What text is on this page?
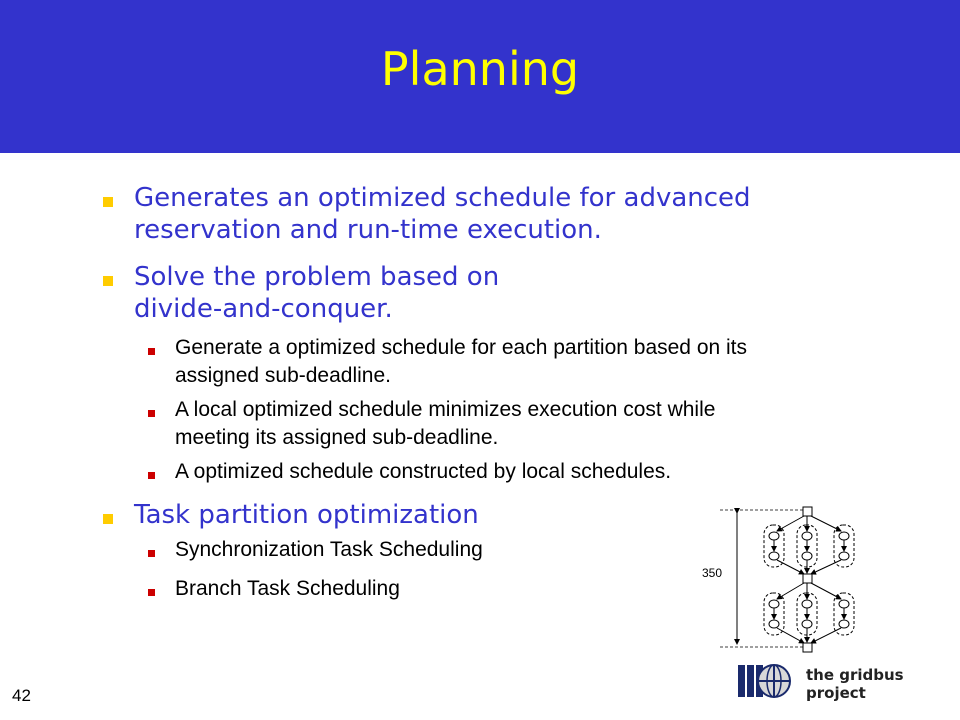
Planning
Generates an optimized schedule for advanced
reservation and run-time execution.
Solve the problem based on
divide-and-conquer.
Generate a optimized schedule for each partition based on its
assigned sub-deadline.
A local optimized schedule minimizes execution cost while
meeting its assigned sub-deadline.
A optimized schedule constructed by local schedules.
Task partition optimization
Synchronization Task Scheduling
Branch Task Scheduling
350
the gridbus project
42
